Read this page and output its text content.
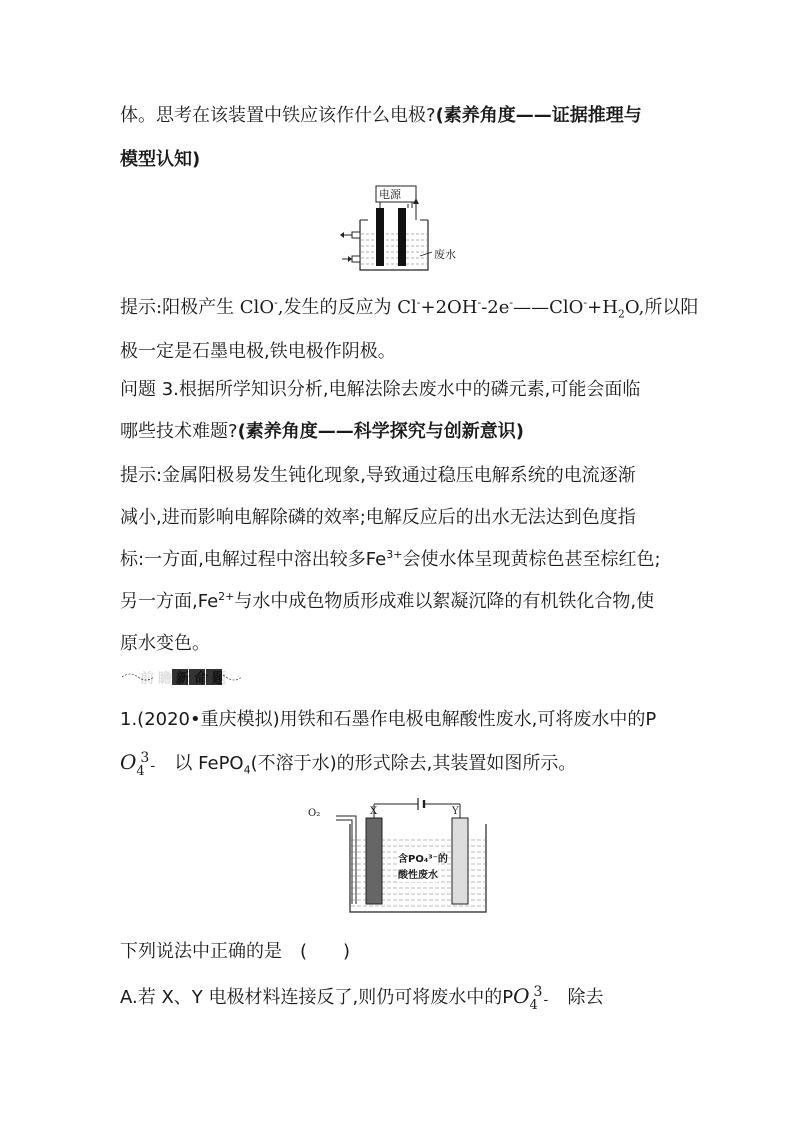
体。思考在该装置中铁应该作什么电极?(素养角度——证据推理与
模型认知)
电源
废水
提示:阳极产生 ClO-,发生的反应为 $Cl^-+2OH^--2e^-——ClO^-+H_2O$,所以阳
极一定是石墨电极,铁电极作阴极。
问题 3.根据所学知识分析,电解法除去废水中的磷元素,可能会面临
哪些技术难题?(素养角度——科学探究与创新意识)
提示:金属阳极易发生钝化现象,导致通过稳压电解系统的电流逐渐
减小,进而影响电解除磷的效率;电解反应后的出水无法达到色度指
标:一方面,电解过程中溶出较多$Fe^{3+}$会使水体呈现黄棕色甚至棕红色;
另一方面$,Fe^{2+}$与水中成色物质形成难以絮凝沉降的有机铁化合物,使
原水变色。
前瞻新命题
1.(2020•重庆模拟)用铁和石墨作电极电解酸性废水,可将废水中的P
O 3
4 - 以 FePO$_4$(不溶于水)的形式除去,其装置如图所示。
O₂	X	Y
含PO₄³⁻的
酸性废水
下列说法中正确的是　(　　)
A.若 X、Y 电极材料连接反了,则仍可将废水中的PO 3
4 - 除去
